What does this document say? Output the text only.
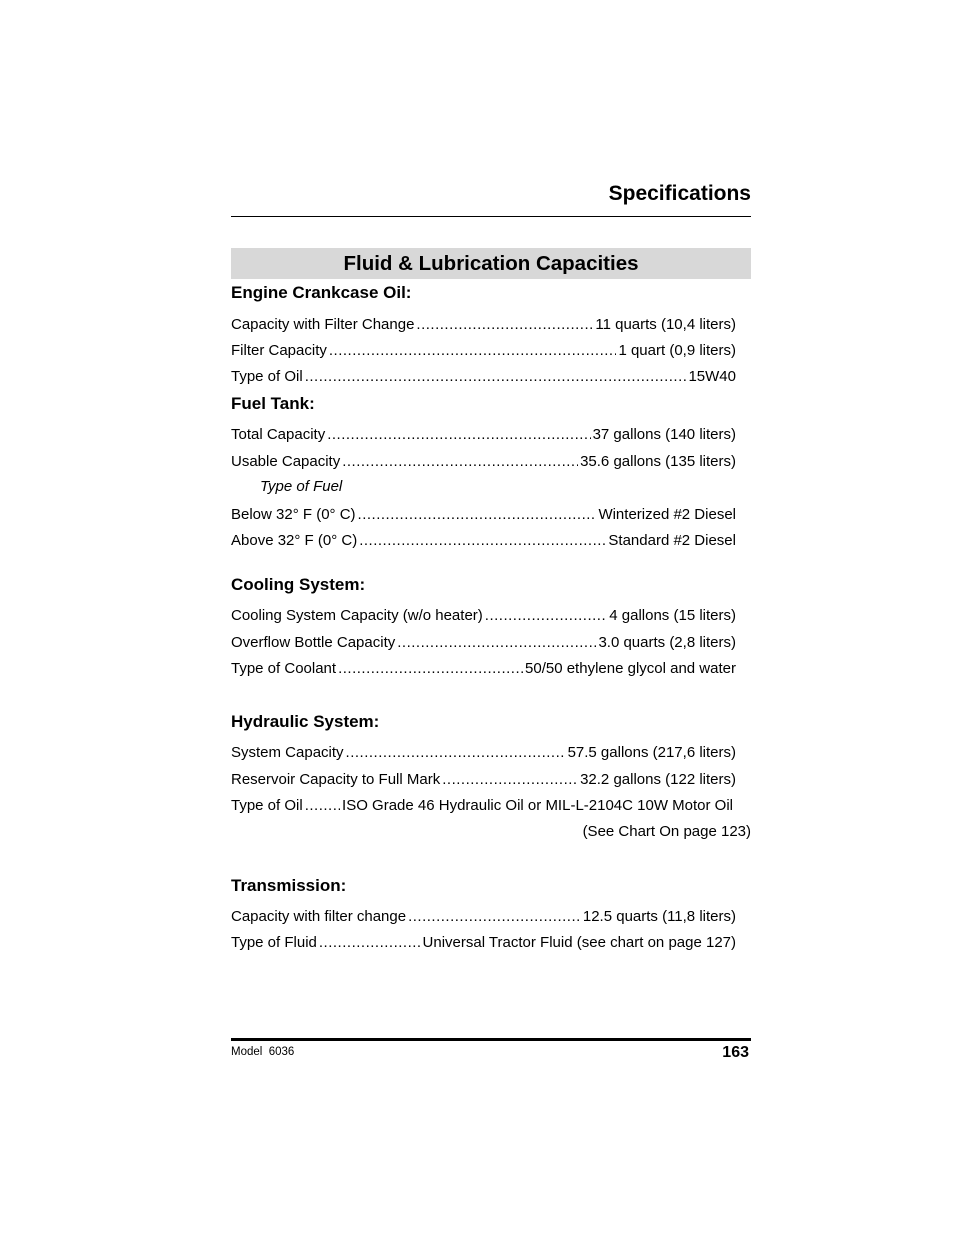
Specifications
Fluid & Lubrication Capacities
Engine Crankcase Oil:
Capacity with Filter Change .....	11 quarts (10,4 liters)
Filter Capacity .....	1 quart (0,9 liters)
Type of Oil .....	15W40
Fuel Tank:
Total Capacity .....	37 gallons (140 liters)
Usable Capacity .....	35.6 gallons (135 liters)
Type of Fuel
Below 32° F (0° C) .....	Winterized #2 Diesel
Above 32° F (0° C) .....	Standard #2 Diesel
Cooling System:
Cooling System Capacity (w/o heater) .....	4 gallons (15 liters)
Overflow Bottle Capacity .....	3.0 quarts (2,8 liters)
Type of Coolant .....	50/50 ethylene glycol and water
Hydraulic System:
System Capacity .....	57.5 gallons (217,6 liters)
Reservoir Capacity to Full Mark .....	32.2 gallons (122 liters)
Type of Oil .....	ISO Grade 46 Hydraulic Oil or MIL-L-2104C 10W Motor Oil
(See Chart On page 123)
Transmission:
Capacity with filter change .....	12.5 quarts (11,8 liters)
Type of Fluid .....	Universal Tractor Fluid (see chart on page 127)
Model  6036	163
